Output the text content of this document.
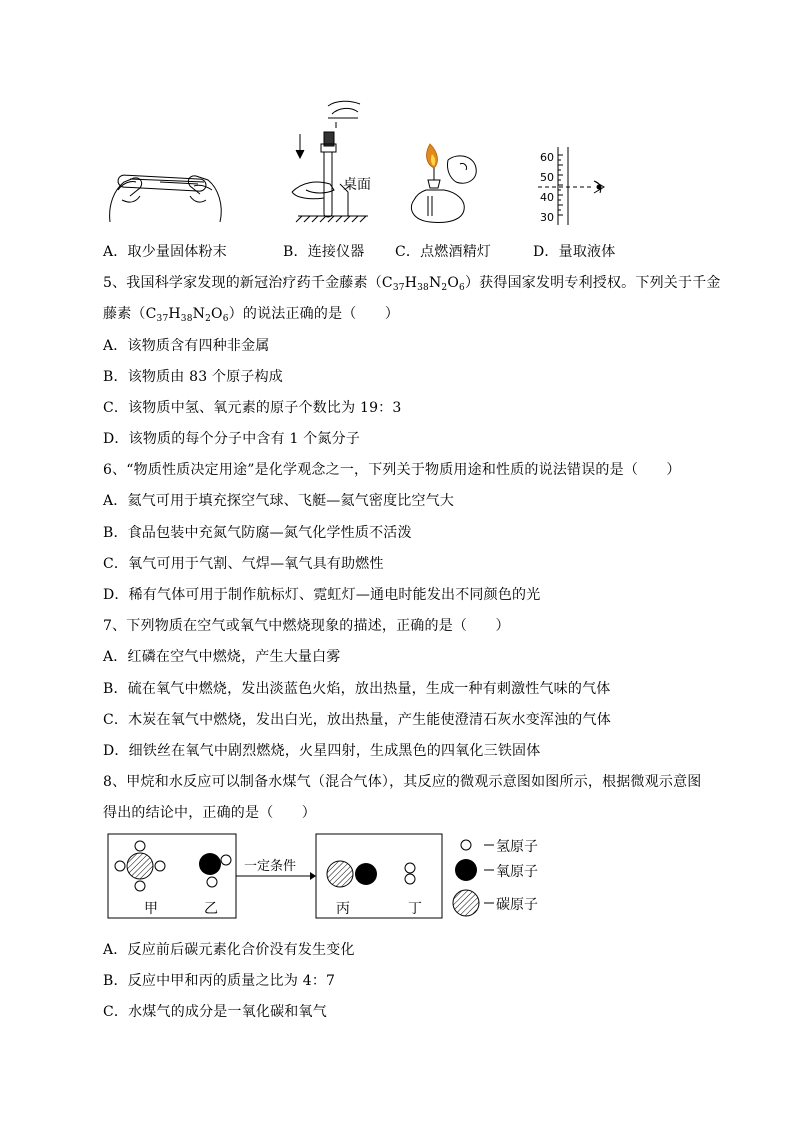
桌面
60
50
40
30
A．取少量固体粉末	B．连接仪器 C．点燃酒精灯	D．量取液体
5、我国科学家发现的新冠治疗药千金藤素$(C_{37}H_{38}N_2O_6)$获得国家发明专利授权。下列关于千金
藤素$(C_{37}H_{38}N_2O_6)$的说法正确的是（　　）
A．该物质含有四种非金属
B．该物质由 83 个原子构成
C．该物质中氢、氧元素的原子个数比为 19：3
D．该物质的每个分子中含有 1 个氮分子
6、“物质性质决定用途”是化学观念之一，下列关于物质用途和性质的说法错误的是（　　）
A．氦气可用于填充探空气球、飞艇—氦气密度比空气大
B．食品包装中充氮气防腐—氮气化学性质不活泼
C．氧气可用于气割、气焊—氧气具有助燃性
D．稀有气体可用于制作航标灯、霓虹灯—通电时能发出不同颜色的光
7、下列物质在空气或氧气中燃烧现象的描述，正确的是（　　）
A．红磷在空气中燃烧，产生大量白雾
B．硫在氧气中燃烧，发出淡蓝色火焰，放出热量，生成一种有刺激性气味的气体
C．木炭在氧气中燃烧，发出白光，放出热量，产生能使澄清石灰水变浑浊的气体
D．细铁丝在氧气中剧烈燃烧，火星四射，生成黑色的四氧化三铁固体
8、甲烷和水反应可以制备水煤气（混合气体），其反应的微观示意图如图所示，根据微观示意图
得出的结论中，正确的是（　　）
甲	乙
一定条件
丙	丁
氢原子
氧原子
碳原子
A．反应前后碳元素化合价没有发生变化
B．反应中甲和丙的质量之比为 4：7
C．水煤气的成分是一氧化碳和氧气
